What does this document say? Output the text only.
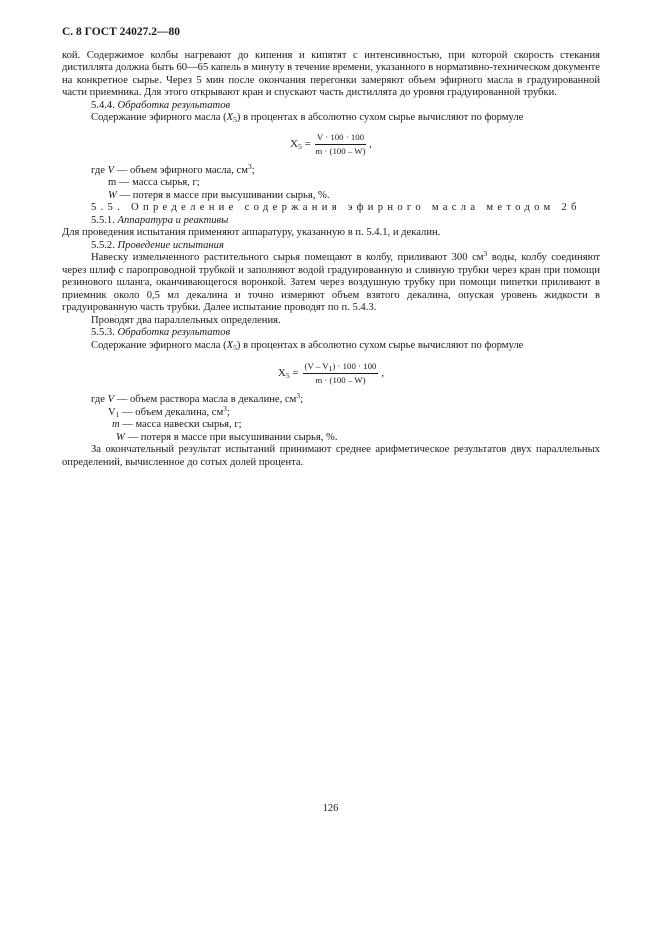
С. 8 ГОСТ 24027.2—80

кой. Содержимое колбы нагревают до кипения и кипятят с интенсивностью, при которой скорость стекания дистиллята должна быть 60—65 капель в минуту в течение времени, указанного в нормативно-техническом документе на конкретное сырье. Через 5 мин после окончания перегонки замеряют объем эфирного масла в градуированной части приемника. Для этого открывают кран и спускают часть дистиллята до уровня градуированной трубки.

5.4.4. Обработка результатов

Содержание эфирного масла $(X_5)$ в процентах в абсолютно сухом сырье вычисляют по формуле

$X_5 = \frac{V \cdot 100 \cdot 100}{m \cdot (100 - W)}$ ,

где V — объем эфирного масла, $см^3$;

m — масса сырья, г;

W — потеря в массе при высушивании сырья, %.

5.5. Определение содержания эфирного масла методом 2б

5.5.1. Аппаратура и реактивы

Для проведения испытания применяют аппаратуру, указанную в п. 5.4.1, и декалин.

5.5.2. Проведение испытания

Навеску измельченного растительного сырья помещают в колбу, приливают 300 $см^3$ воды, колбу соединяют через шлиф с паропроводной трубкой и заполняют водой градуированную и сливную трубки через кран при помощи резинового шланга, оканчивающегося воронкой. Затем через воздушную трубку при помощи пипетки приливают в приемник около 0,5 мл декалина и точно измеряют объем взятого декалина, опуская уровень жидкости в градуированную часть трубки. Далее испытание проводят по п. 5.4.3.

Проводят два параллельных определения.

5.5.3. Обработка результатов

Содержание эфирного масла $(X_5)$ в процентах в абсолютно сухом сырье вычисляют по формуле

$X_5 = \frac{(V - V_1) \cdot 100 \cdot 100}{m \cdot (100 - W)}$ ,

где V — объем раствора масла в декалине, $см^3$;

$V_1$ — объем декалина, $см^3$;

m — масса навески сырья, г;

W — потеря в массе при высушивании сырья, %.

За окончательный результат испытаний принимают среднее арифметическое результатов двух параллельных определений, вычисленное до сотых долей процента.

126
